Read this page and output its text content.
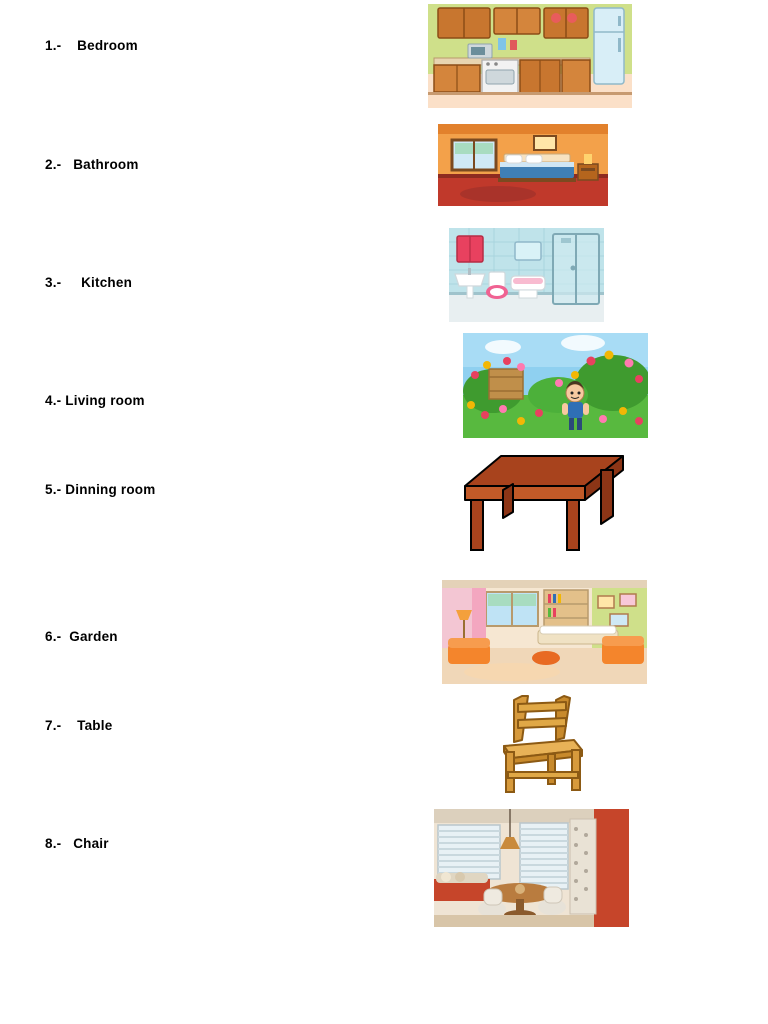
1.-    Bedroom
2.-   Bathroom
3.-     Kitchen
4.- Living room
5.- Dinning room
6.-  Garden
7.-    Table
8.-   Chair
